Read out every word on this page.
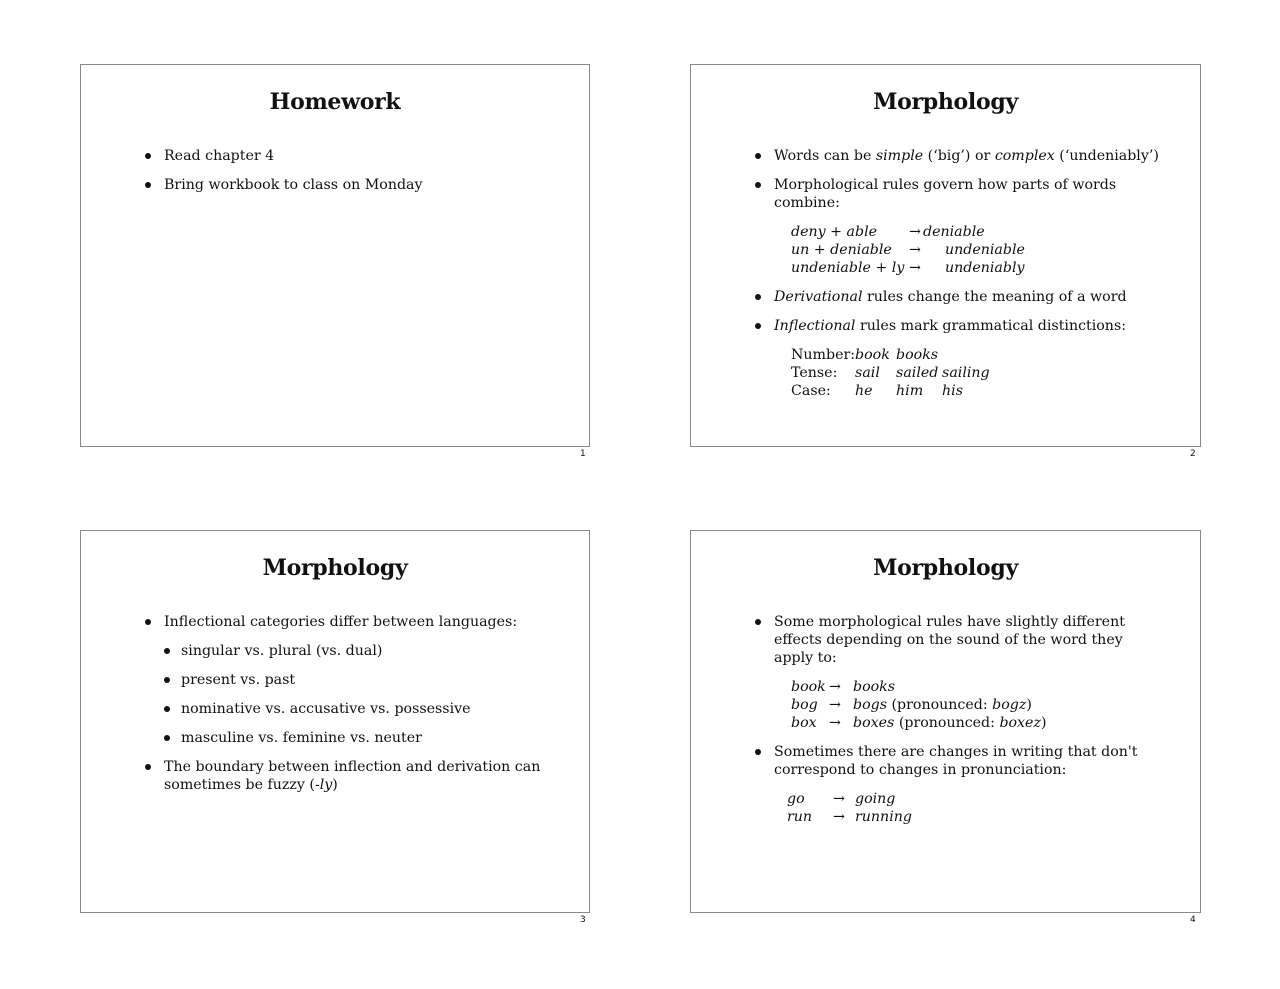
Homework
Read chapter 4
Bring workbook to class on Monday
1
Morphology
Words can be simple (‘big’) or complex (‘undeniably’)
Morphological rules govern how parts of words combine:
deny + able	→	deniable
un + deniable	→	undeniable
undeniable + ly	→	undeniably
Derivational rules change the meaning of a word
Inflectional rules mark grammatical distinctions:
Number:	book	books	
Tense:	sail	sailed	sailing
Case:	he	him	his
2
Morphology
Inflectional categories differ between languages:
singular vs. plural (vs. dual)
present vs. past
nominative vs. accusative vs. possessive
masculine vs. feminine vs. neuter
The boundary between inflection and derivation can sometimes be fuzzy (-ly)
3
Morphology
Some morphological rules have slightly different effects depending on the sound of the word they apply to:
book	→	books
bog	→	bogs (pronounced: bogz)
box	→	boxes (pronounced: boxez)
Sometimes there are changes in writing that don't correspond to changes in pronunciation:
go	→	going
run	→	running
4
